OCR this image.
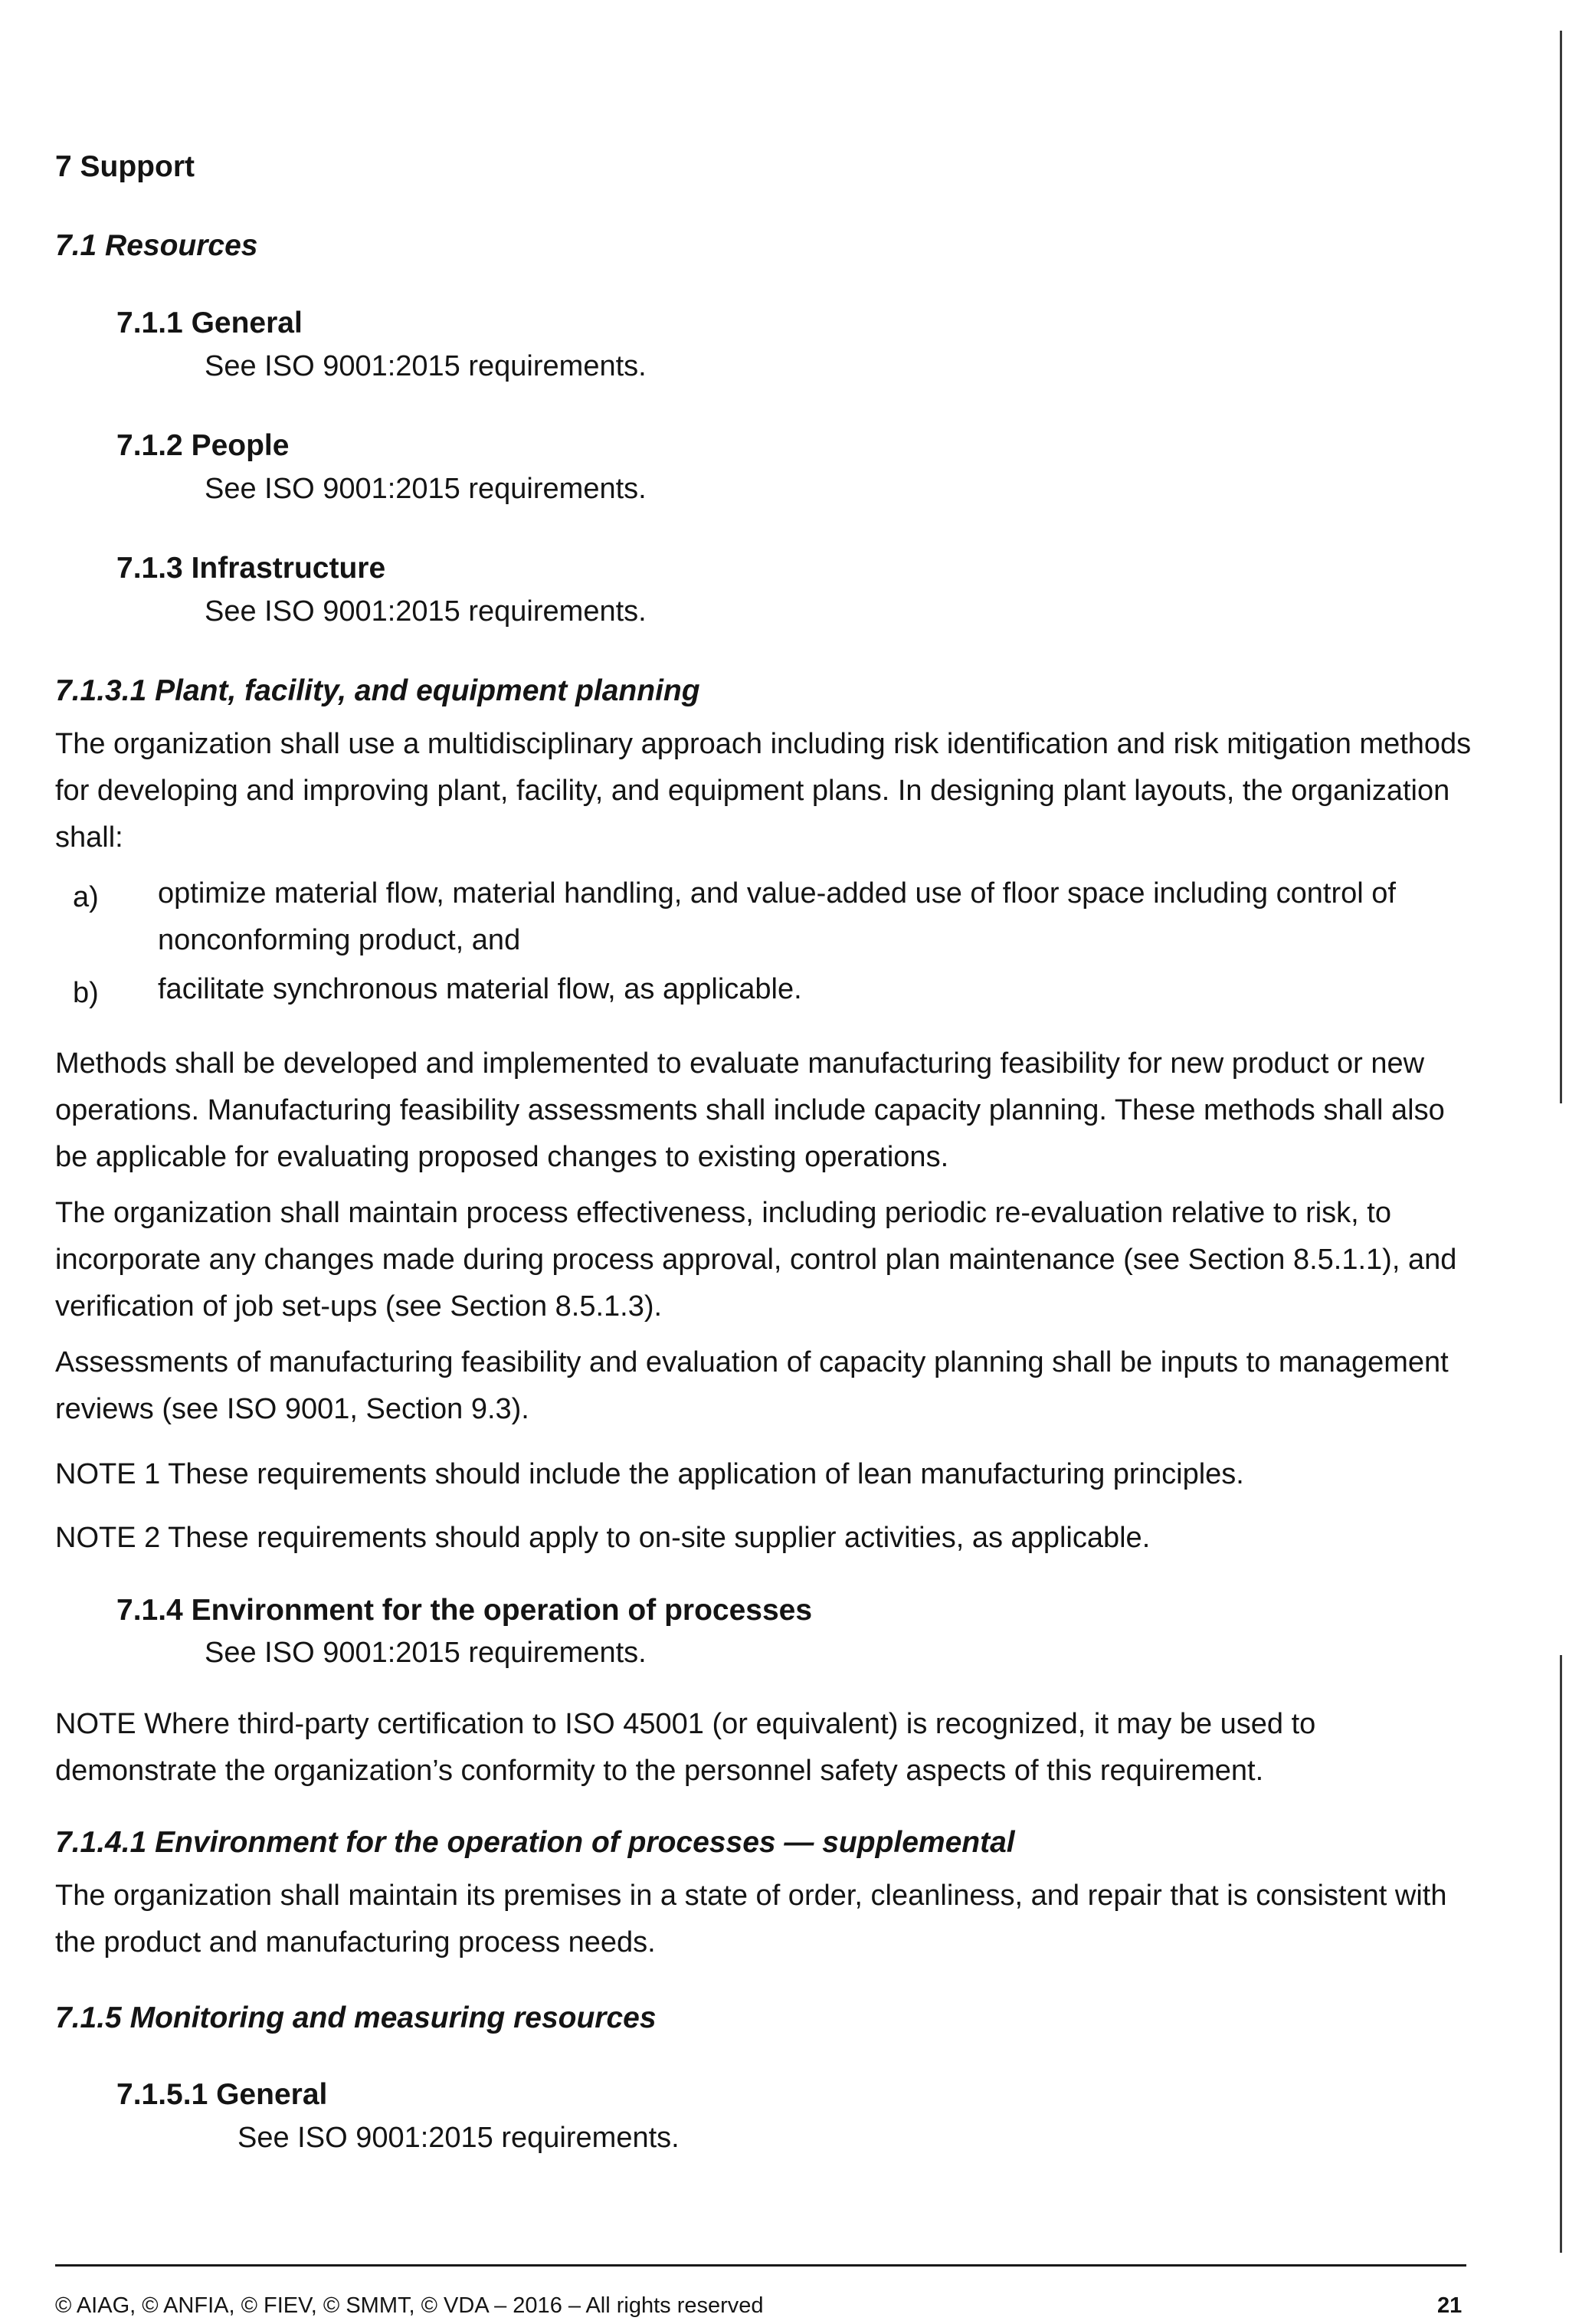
7 Support
7.1 Resources
7.1.1 General
See ISO 9001:2015 requirements.
7.1.2 People
See ISO 9001:2015 requirements.
7.1.3 Infrastructure
See ISO 9001:2015 requirements.
7.1.3.1 Plant, facility, and equipment planning

The organization shall use a multidisciplinary approach including risk identification and risk mitigation methods for developing and improving plant, facility, and equipment plans. In designing plant layouts, the organization shall:

a) optimize material flow, material handling, and value-added use of floor space including control of nonconforming product, and
b) facilitate synchronous material flow, as applicable.

Methods shall be developed and implemented to evaluate manufacturing feasibility for new product or new operations. Manufacturing feasibility assessments shall include capacity planning. These methods shall also be applicable for evaluating proposed changes to existing operations.

The organization shall maintain process effectiveness, including periodic re-evaluation relative to risk, to incorporate any changes made during process approval, control plan maintenance (see Section 8.5.1.1), and verification of job set-ups (see Section 8.5.1.3).

Assessments of manufacturing feasibility and evaluation of capacity planning shall be inputs to management reviews (see ISO 9001, Section 9.3).

NOTE 1 These requirements should include the application of lean manufacturing principles.
NOTE 2 These requirements should apply to on-site supplier activities, as applicable.
7.1.4 Environment for the operation of processes
See ISO 9001:2015 requirements.

NOTE Where third-party certification to ISO 45001 (or equivalent) is recognized, it may be used to demonstrate the organization’s conformity to the personnel safety aspects of this requirement.

7.1.4.1 Environment for the operation of processes — supplemental

The organization shall maintain its premises in a state of order, cleanliness, and repair that is consistent with the product and manufacturing process needs.

7.1.5 Monitoring and measuring resources
7.1.5.1 General
See ISO 9001:2015 requirements.
© AIAG, © ANFIA, © FIEV, © SMMT, © VDA – 2016 – All rights reserved	21
